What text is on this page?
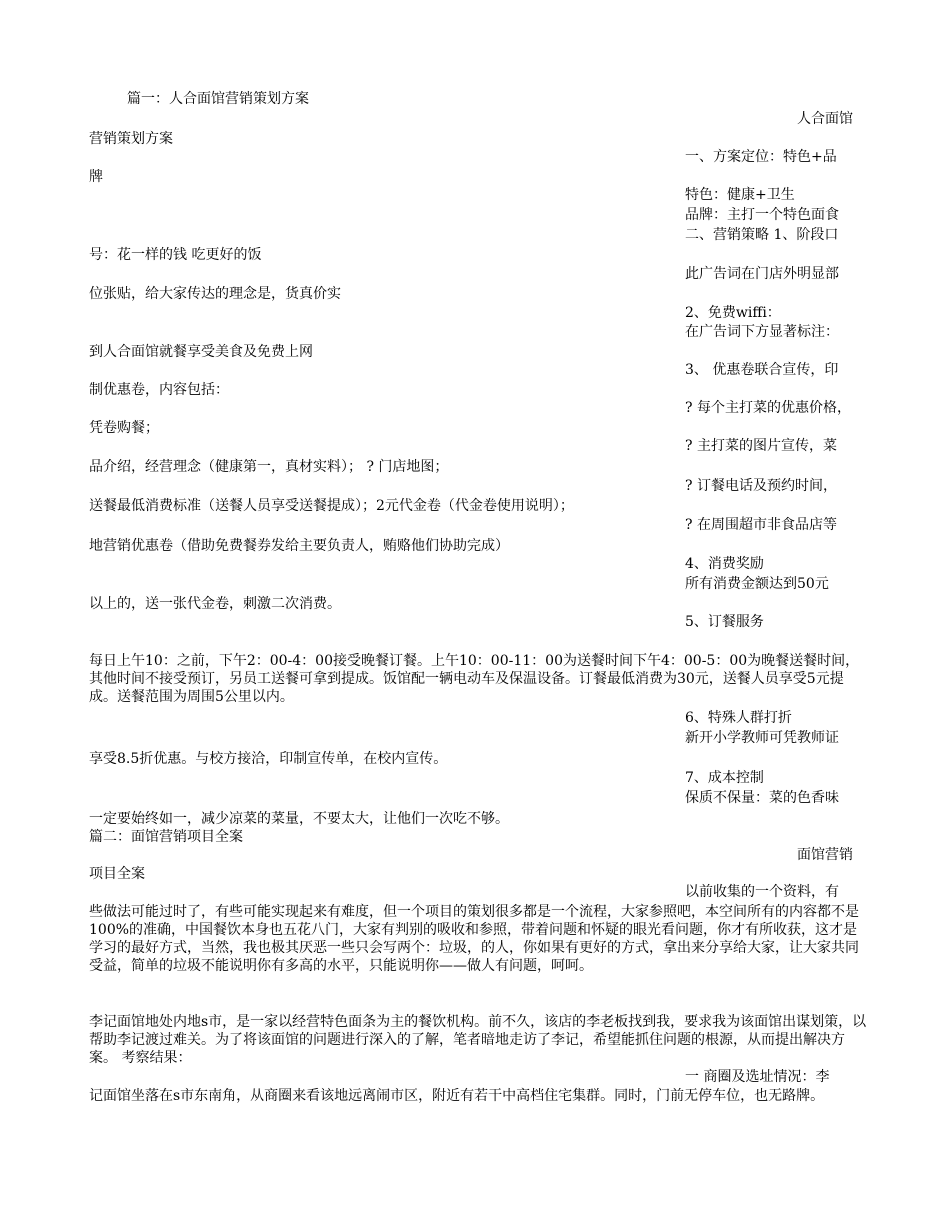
篇一：人合面馆营销策划方案
人合面馆
营销策划方案
一、方案定位：特色+品
牌
特色：健康+卫生
品牌：主打一个特色面食
二、营销策略 1、阶段口
号：花一样的钱 吃更好的饭
此广告词在门店外明显部
位张贴，给大家传达的理念是，货真价实
2、免费wiffi：
在广告词下方显著标注：
到人合面馆就餐享受美食及免费上网
3、 优惠卷联合宣传，印
制优惠卷，内容包括：
? 每个主打菜的优惠价格，
凭卷购餐；
? 主打菜的图片宣传，菜
品介绍，经营理念（健康第一，真材实料）； ? 门店地图；
? 订餐电话及预约时间，
送餐最低消费标准（送餐人员享受送餐提成）；2元代金卷（代金卷使用说明）；
? 在周围超市非食品店等
地营销优惠卷（借助免费餐券发给主要负责人，贿赂他们协助完成）
4、消费奖励
所有消费金额达到50元
以上的，送一张代金卷，刺激二次消费。
5、订餐服务
每日上午10：之前，下午2：00-4：00接受晚餐订餐。上午10：00-11：00为送餐时间下午4：00-5：00为晚餐送餐时间，其他时间不接受预订，另员工送餐可拿到提成。饭馆配一辆电动车及保温设备。订餐最低消费为30元，送餐人员享受5元提成。送餐范围为周围5公里以内。
6、特殊人群打折
新开小学教师可凭教师证
享受8.5折优惠。与校方接洽，印制宣传单，在校内宣传。
7、成本控制
保质不保量：菜的色香味
一定要始终如一，减少凉菜的菜量，不要太大，让他们一次吃不够。
篇二：面馆营销项目全案
面馆营销
项目全案
以前收集的一个资料，有
些做法可能过时了，有些可能实现起来有难度，但一个项目的策划很多都是一个流程，大家参照吧，本空间所有的内容都不是100%的准确，中国餐饮本身也五花八门，大家有判别的吸收和参照，带着问题和怀疑的眼光看问题，你才有所收获，这才是学习的最好方式，当然，我也极其厌恶一些只会写两个：垃圾，的人，你如果有更好的方式，拿出来分享给大家，让大家共同受益，简单的垃圾不能说明你有多高的水平，只能说明你——做人有问题，呵呵。
李记面馆地处内地s市，是一家以经营特色面条为主的餐饮机构。前不久，该店的李老板找到我，要求我为该面馆出谋划策，以帮助李记渡过难关。为了将该面馆的问题进行深入的了解，笔者暗地走访了李记，希望能抓住问题的根源，从而提出解决方案。 考察结果：
一 商圈及选址情况：李
记面馆坐落在s市东南角，从商圈来看该地远离闹市区，附近有若干中高档住宅集群。同时，门前无停车位，也无路牌。
